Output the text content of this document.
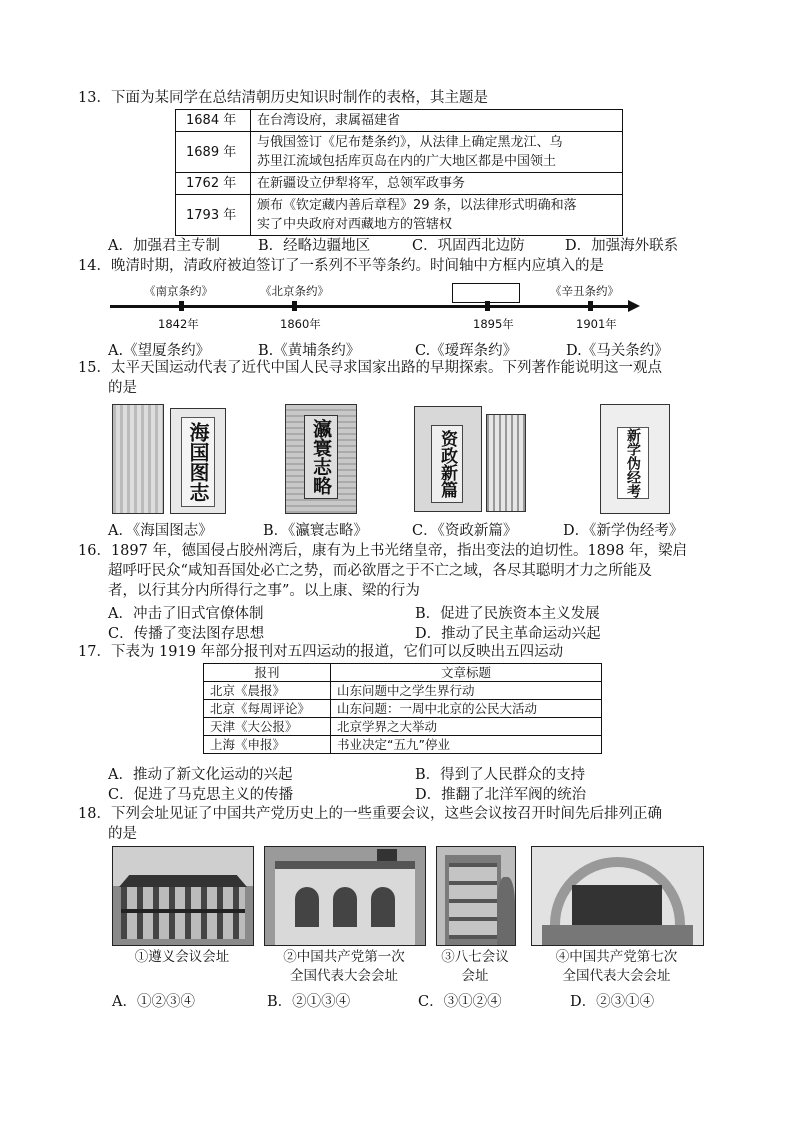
13．下面为某同学在总结清朝历史知识时制作的表格，其主题是
1684 年	在台湾设府，隶属福建省
1689 年	与俄国签订《尼布楚条约》，从法律上确定黑龙江、乌
苏里江流域包括库页岛在内的广大地区都是中国领土

1762 年	在新疆设立伊犁将军，总领军政事务
1793 年	颁布《钦定藏内善后章程》29 条，以法律形式明确和落
实了中央政府对西藏地方的管辖权
A．加强君主专制	B．经略边疆地区	C．巩固西北边防	D．加强海外联系
14．晚清时期，清政府被迫签订了一系列不平等条约。时间轴中方框内应填入的是
《南京条约》	《北京条约》	《辛丑条约》
1842年	1860年	1895年	1901年
A.《望厦条约》	B.《黄埔条约》	C.《瑷珲条约》	D.《马关条约》
15．太平天国运动代表了近代中国人民寻求国家出路的早期探索。下列著作能说明这一观点
的是
海国图志	瀛寰志略	资政新篇	新学伪经考
A．《海国图志》	B．《瀛寰志略》	C．《资政新篇》	D．《新学伪经考》
16．1897 年，德国侵占胶州湾后，康有为上书光绪皇帝，指出变法的迫切性。1898 年，梁启
超呼吁民众“咸知吾国处必亡之势，而必欲厝之于不亡之域，各尽其聪明才力之所能及
者，以行其分内所得行之事”。以上康、梁的行为
A．冲击了旧式官僚体制	B．促进了民族资本主义发展
C．传播了变法图存思想	D．推动了民主革命运动兴起
17．下表为 1919 年部分报刊对五四运动的报道，它们可以反映出五四运动
报刊	文章标题
北京《晨报》	山东问题中之学生界行动
北京《每周评论》	山东问题：一周中北京的公民大活动
天津《大公报》	北京学界之大举动
上海《申报》	书业决定“五九”停业
A．推动了新文化运动的兴起	B．得到了人民群众的支持
C．促进了马克思主义的传播	D．推翻了北洋军阀的统治
18．下列会址见证了中国共产党历史上的一些重要会议，这些会议按召开时间先后排列正确
的是
①遵义会议会址	②中国共产党第一次
全国代表大会会址
③八七会议
会址
④中国共产党第七次
全国代表大会会址
A．①②③④	B．②①③④	C．③①②④	D．②③①④
